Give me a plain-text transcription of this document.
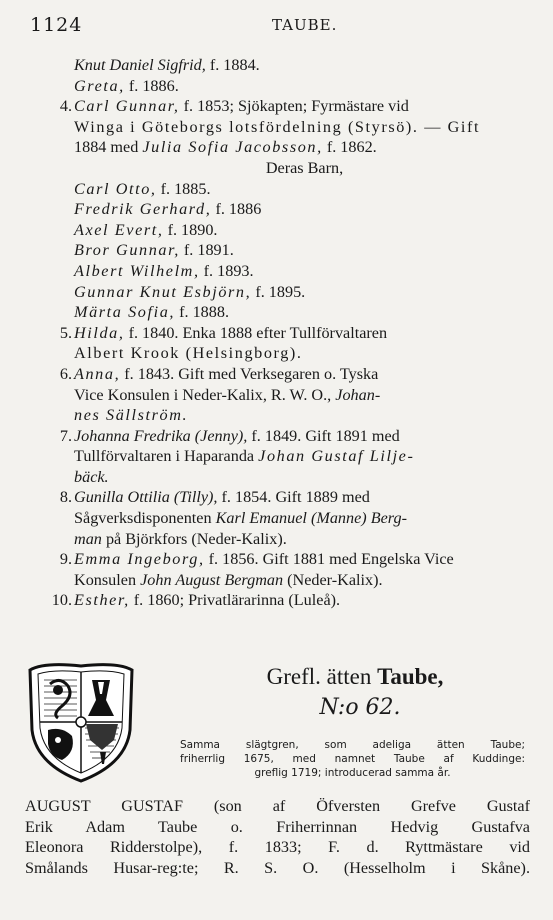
1124	TAUBE.
Knut Daniel Sigfrid, f. 1884.
Greta, f. 1886.
4. Carl Gunnar, f. 1853; Sjökapten; Fyrmästare vid
Winga i Göteborgs lotsfördelning (Styrsö). — Gift
1884 med Julia Sofia Jacobsson, f. 1862.
Deras Barn,
Carl Otto, f. 1885.
Fredrik Gerhard, f. 1886
Axel Evert, f. 1890.
Bror Gunnar, f. 1891.
Albert Wilhelm, f. 1893.
Gunnar Knut Esbjörn, f. 1895.
Märta Sofia, f. 1888.
5. Hilda, f. 1840. Enka 1888 efter Tullförvaltaren
Albert Krook (Helsingborg).
6. Anna, f. 1843. Gift med Verksegaren o. Tyska
Vice Konsulen i Neder-Kalix, R. W. O., Johan-
nes Sällström.
7. Johanna Fredrika (Jenny), f. 1849. Gift 1891 med
Tullförvaltaren i Haparanda Johan Gustaf Lilje-
bäck.
8. Gunilla Ottilia (Tilly), f. 1854. Gift 1889 med
Sågverksdisponenten Karl Emanuel (Manne) Berg-
man på Björkfors (Neder-Kalix).
9. Emma Ingeborg, f. 1856. Gift 1881 med Engelska Vice
Konsulen John August Bergman (Neder-Kalix).
10. Esther, f. 1860; Privatlärarinna (Luleå).
Grefl. ätten Taube,
N:o 62.
Samma slägtgren, som adeliga ätten Taube;
friherrlig 1675, med namnet Taube af Kuddinge:
greflig 1719; introducerad samma år.
AUGUST GUSTAF (son af Öfversten Grefve Gustaf
Erik Adam Taube o. Friherrinnan Hedvig Gustafva
Eleonora Ridderstolpe), f. 1833; F. d. Ryttmästare vid
Smålands Husar-reg:te; R. S. O. (Hesselholm i Skåne).
